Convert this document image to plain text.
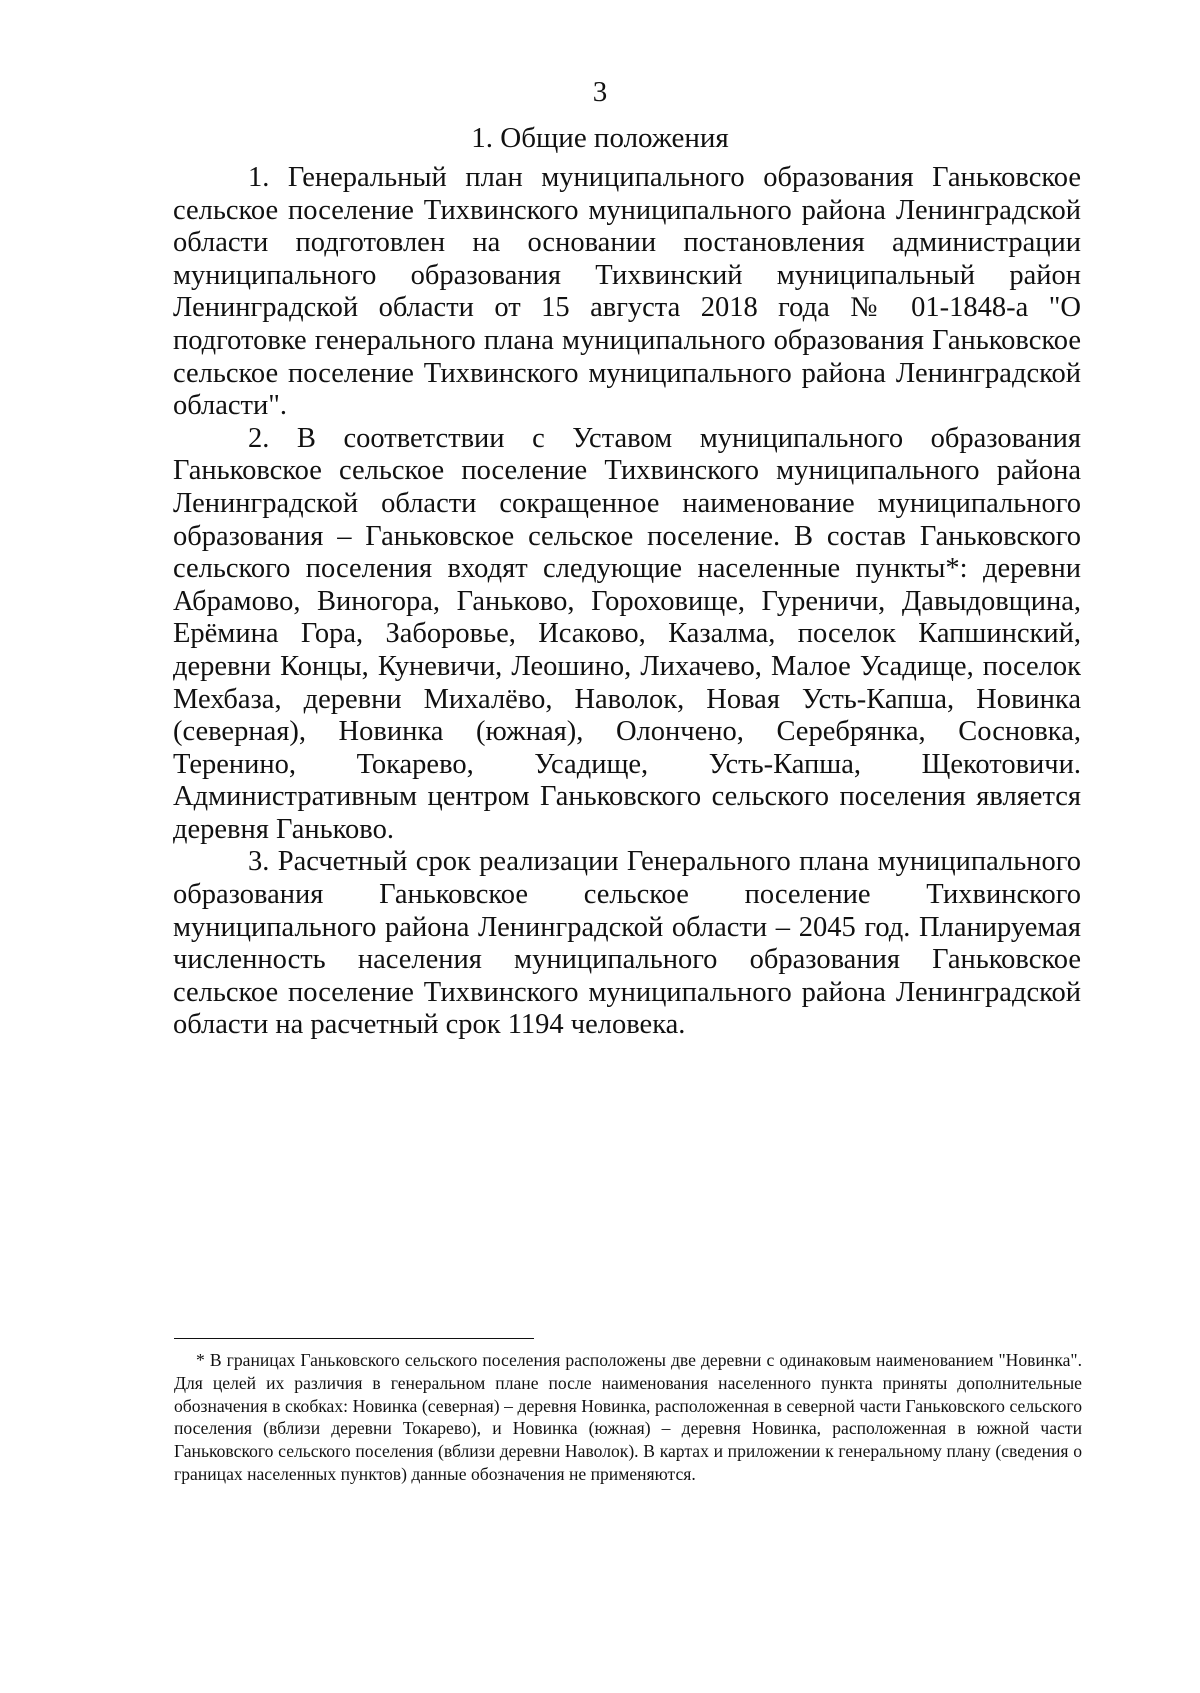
3
1. Общие положения

1. Генеральный план муниципального образования Ганьковское сельское поселение Тихвинского муниципального района Ленинградской области подготовлен на основании постановления администрации муниципального образования Тихвинский муниципальный район Ленинградской области от 15 августа 2018 года № 01-1848-а "О подготовке генерального плана муниципального образования Ганьковское сельское поселение Тихвинского муниципального района Ленинградской области".

2. В соответствии с Уставом муниципального образования Ганьковское сельское поселение Тихвинского муниципального района Ленинградской области сокращенное наименование муниципального образования – Ганьковское сельское поселение. В состав Ганьковского сельского поселения входят следующие населенные пункты*: деревни Абрамово, Виногора, Ганьково, Гороховище, Гуреничи, Давыдовщина, Ерёмина Гора, Заборовье, Исаково, Казалма, поселок Капшинский, деревни Концы, Куневичи, Леошино, Лихачево, Малое Усадище, поселок Мехбаза, деревни Михалёво, Наволок, Новая Усть-Капша, Новинка (северная), Новинка (южная), Олончено, Серебрянка, Сосновка, Теренино, Токарево, Усадище, Усть-Капша, Щекотовичи. Административным центром Ганьковского сельского поселения является деревня Ганьково.

3. Расчетный срок реализации Генерального плана муниципального образования Ганьковское сельское поселение Тихвинского муниципального района Ленинградской области – 2045 год. Планируемая численность населения муниципального образования Ганьковское сельское поселение Тихвинского муниципального района Ленинградской области на расчетный срок 1194 человека.

* В границах Ганьковского сельского поселения расположены две деревни с одинаковым наименованием "Новинка". Для целей их различия в генеральном плане после наименования населенного пункта приняты дополнительные обозначения в скобках: Новинка (северная) – деревня Новинка, расположенная в северной части Ганьковского сельского поселения (вблизи деревни Токарево), и Новинка (южная) – деревня Новинка, расположенная в южной части Ганьковского сельского поселения (вблизи деревни Наволок). В картах и приложении к генеральному плану (сведения о границах населенных пунктов) данные обозначения не применяются.
